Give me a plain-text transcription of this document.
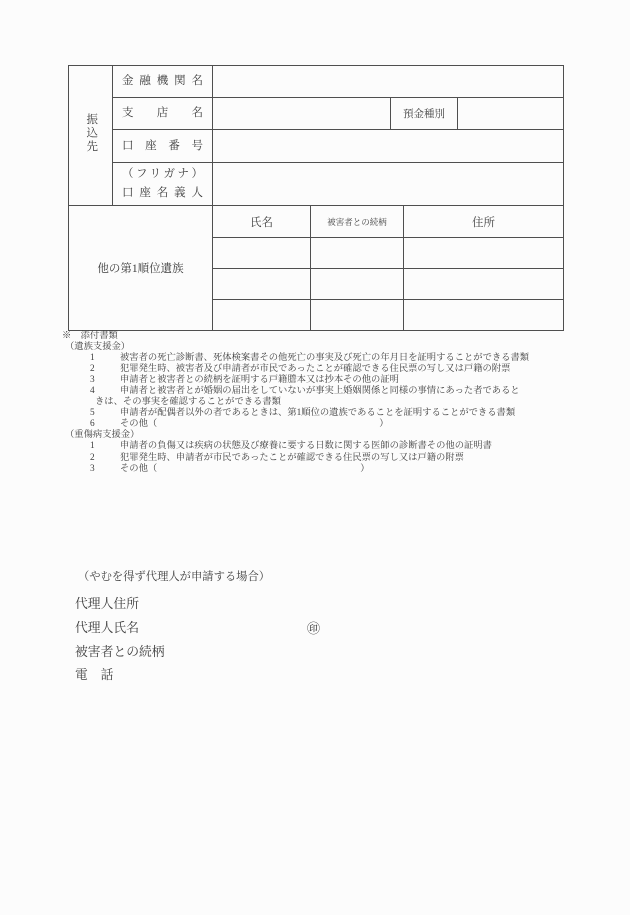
振込先	金融機関名			

	支店名		預金種別	

	口座番号			

	（フリガナ）
口座名義人			

他の第1順位遺族	氏名	被害者との続柄	住所

※　添付書類
（遺族支援金）
1	被害者の死亡診断書、死体検案書その他死亡の事実及び死亡の年月日を証明することができる書類
2	犯罪発生時、被害者及び申請者が市民であったことが確認できる住民票の写し又は戸籍の附票
3	申請者と被害者との続柄を証明する戸籍謄本又は抄本その他の証明
4	申請者と被害者とが婚姻の届出をしていないが事実上婚姻関係と同様の事情にあった者であると
きは、その事実を確認することができる書類
5	申請者が配偶者以外の者であるときは、第1順位の遺族であることを証明することができる書類
6	その他（	）
（重傷病支援金）
1	申請者の負傷又は疾病の状態及び療養に要する日数に関する医師の診断書その他の証明書
2	犯罪発生時、申請者が市民であったことが確認できる住民票の写し又は戸籍の附票
3	その他（	）
（やむを得ず代理人が申請する場合）
代理人住所
代理人氏名	㊞
被害者との続柄
電　話
